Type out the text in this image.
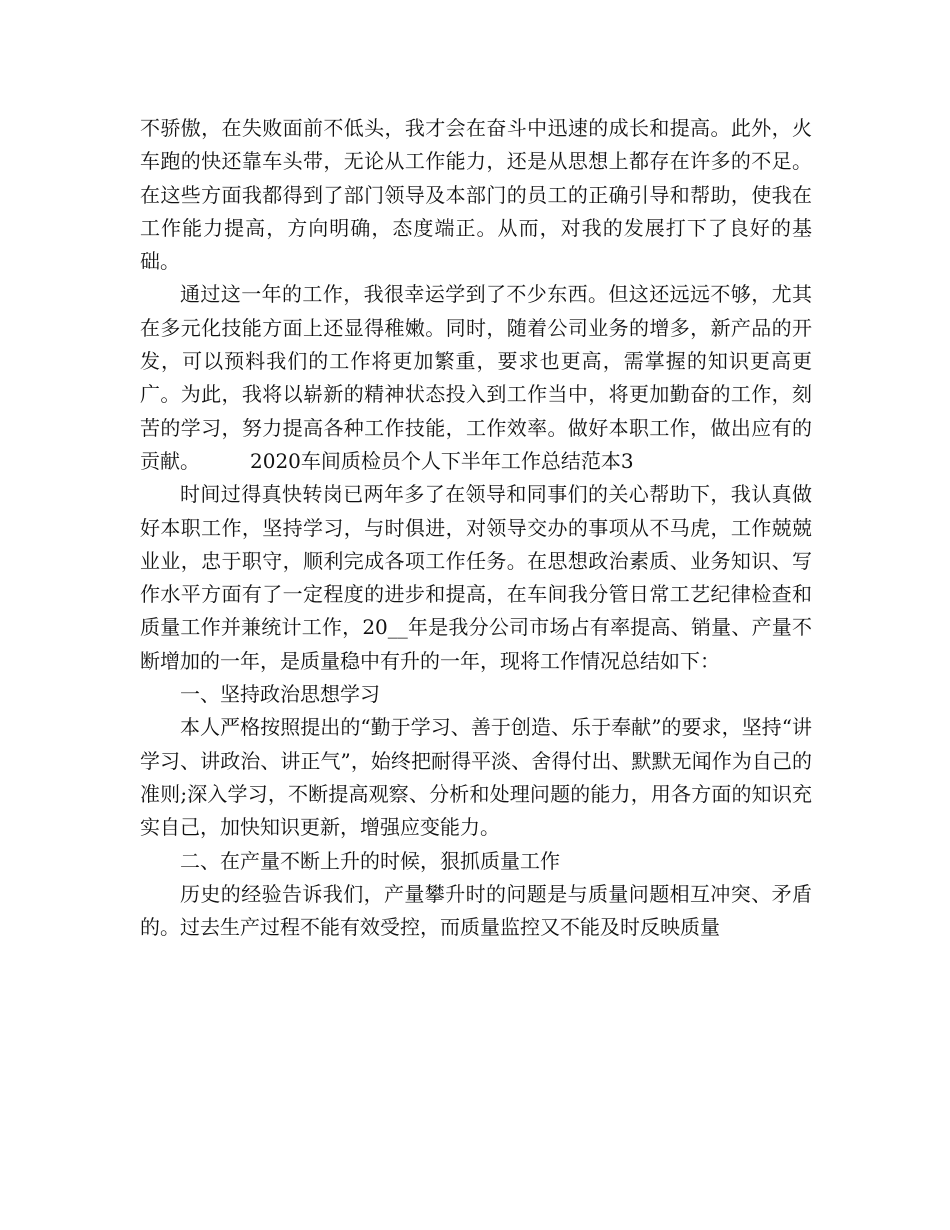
不骄傲，在失败面前不低头，我才会在奋斗中迅速的成长和提高。此外，火车跑的快还靠车头带，无论从工作能力，还是从思想上都存在许多的不足。在这些方面我都得到了部门领导及本部门的员工的正确引导和帮助，使我在工作能力提高，方向明确，态度端正。从而，对我的发展打下了良好的基础。

通过这一年的工作，我很幸运学到了不少东西。但这还远远不够，尤其在多元化技能方面上还显得稚嫩。同时，随着公司业务的增多，新产品的开发，可以预料我们的工作将更加繁重，要求也更高，需掌握的知识更高更广。为此，我将以崭新的精神状态投入到工作当中，将更加勤奋的工作，刻苦的学习，努力提高各种工作技能，工作效率。做好本职工作，做出应有的贡献。　　　2020车间质检员个人下半年工作总结范本3

时间过得真快转岗已两年多了在领导和同事们的关心帮助下，我认真做好本职工作，坚持学习，与时俱进，对领导交办的事项从不马虎，工作兢兢业业，忠于职守，顺利完成各项工作任务。在思想政治素质、业务知识、写作水平方面有了一定程度的进步和提高，在车间我分管日常工艺纪律检查和质量工作并兼统计工作，20__年是我分公司市场占有率提高、销量、产量不断增加的一年，是质量稳中有升的一年，现将工作情况总结如下：

一、坚持政治思想学习

本人严格按照提出的“勤于学习、善于创造、乐于奉献”的要求，坚持“讲学习、讲政治、讲正气”，始终把耐得平淡、舍得付出、默默无闻作为自己的准则;深入学习，不断提高观察、分析和处理问题的能力，用各方面的知识充实自己，加快知识更新，增强应变能力。

二、在产量不断上升的时候，狠抓质量工作

历史的经验告诉我们，产量攀升时的问题是与质量问题相互冲突、矛盾的。过去生产过程不能有效受控，而质量监控又不能及时反映质量
